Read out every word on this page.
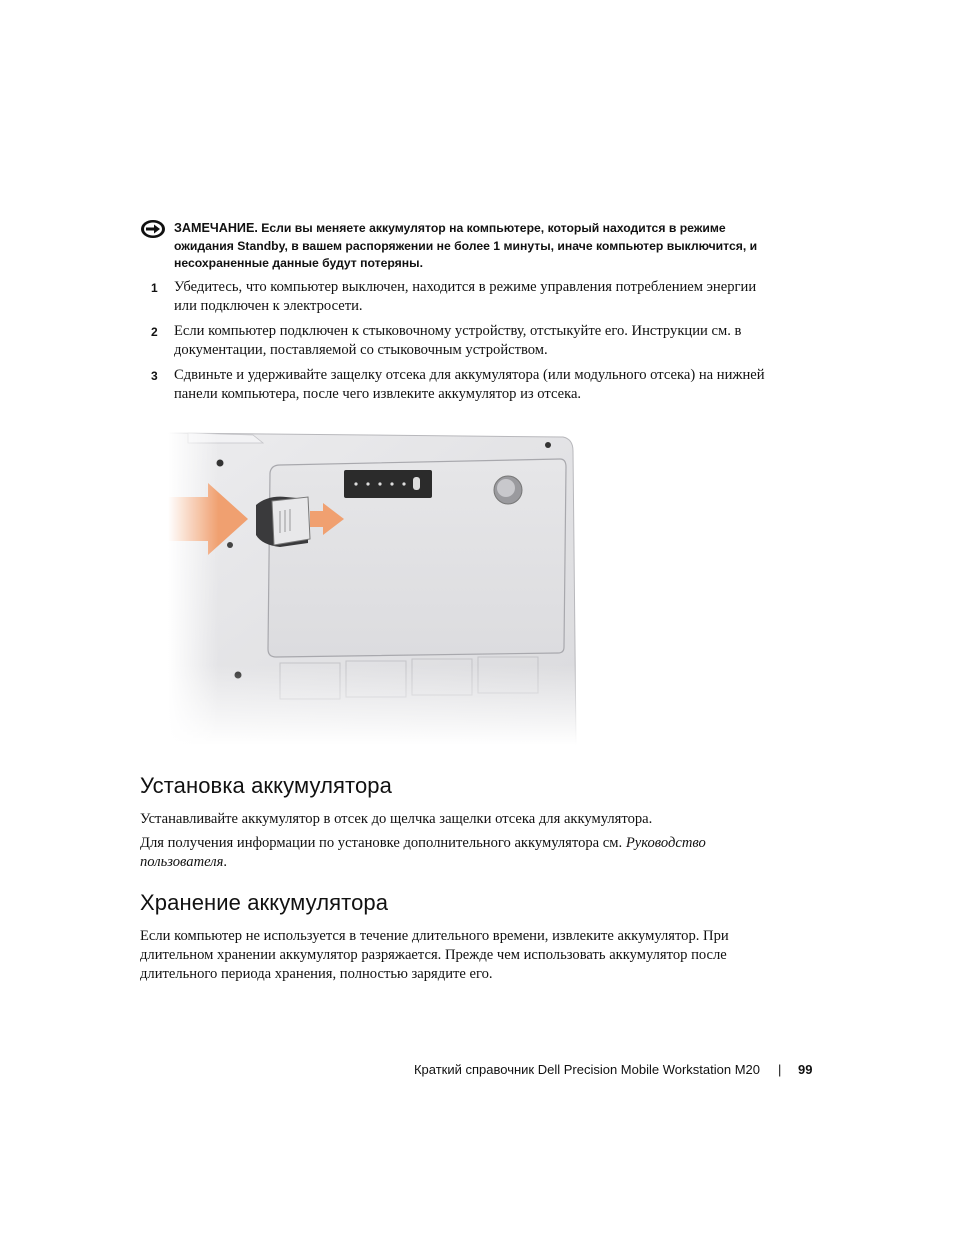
ЗАМЕЧАНИЕ. Если вы меняете аккумулятор на компьютере, который находится в режиме ожидания Standby, в вашем распоряжении не более 1 минуты, иначе компьютер выключится, и несохраненные данные будут потеряны.
1	Убедитесь, что компьютер выключен, находится в режиме управления потреблением энергии или подключен к электросети.
2	Если компьютер подключен к стыковочному устройству, отстыкуйте его. Инструкции см. в документации, поставляемой со стыковочным устройством.
3	Сдвиньте и удерживайте защелку отсека для аккумулятора (или модульного отсека) на нижней панели компьютера, после чего извлеките аккумулятор из отсека.
Установка аккумулятора
Устанавливайте аккумулятор в отсек до щелчка защелки отсека для аккумулятора.
Для получения информации по установке дополнительного аккумулятора см. Руководство пользователя.
Хранение аккумулятора
Если компьютер не используется в течение длительного времени, извлеките аккумулятор. При длительном хранении аккумулятор разряжается. Прежде чем использовать аккумулятор после длительного периода хранения, полностью зарядите его.
Краткий справочник Dell Precision Mobile Workstation M20 | 99
